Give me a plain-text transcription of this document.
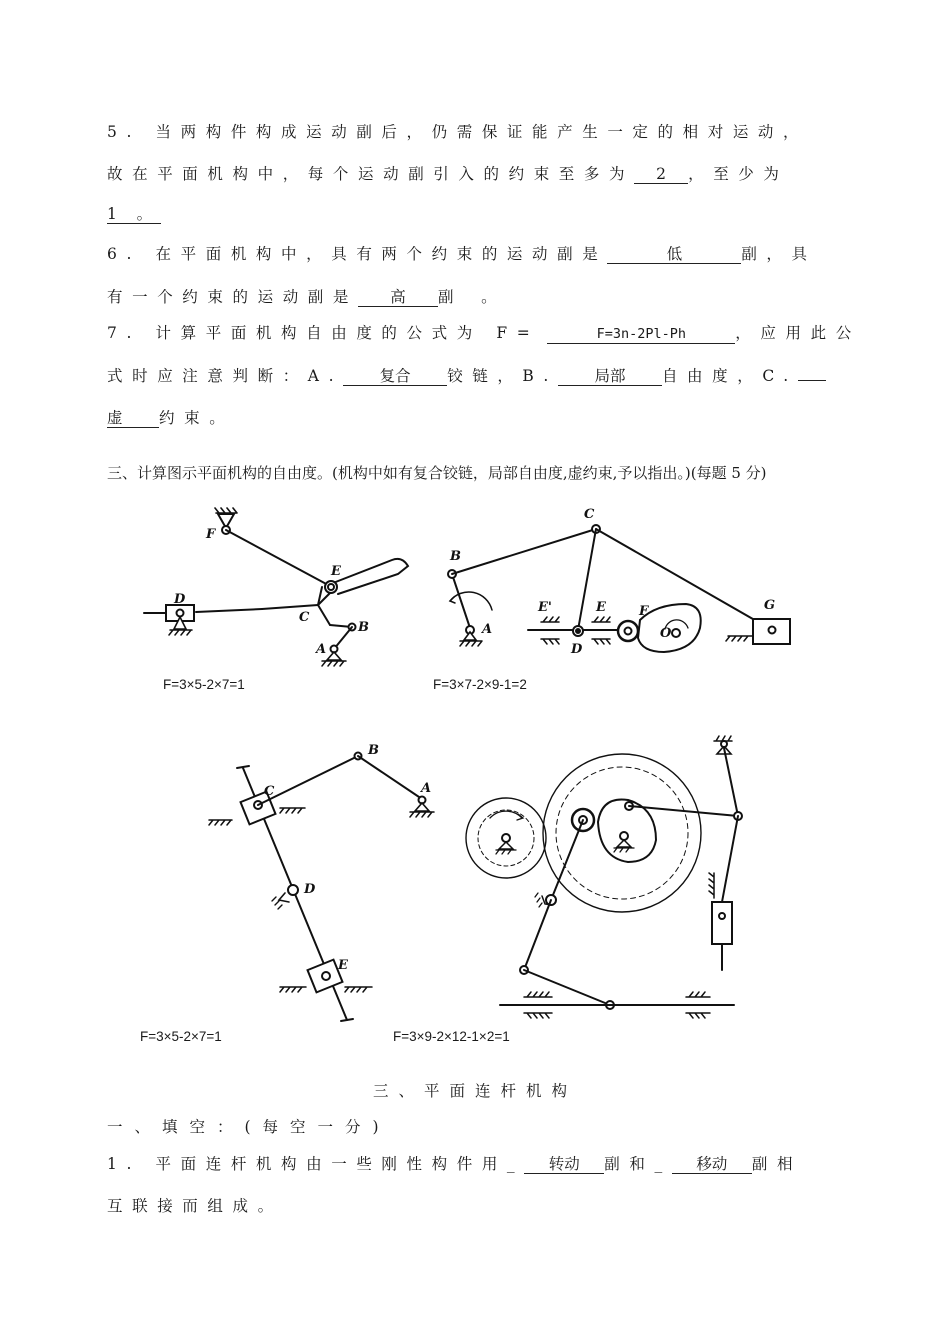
5. 当两构件构成运动副后，仍需保证能产生一定的相对运动，
故在平面机构中，每个运动副引入的约束至多为 2 ，至少为
1 。
6. 在平面机构中，具有两个约束的运动副是	低	副，具
有一个约束的运动副是 高 副 。
7. 计算平面机构自由度的公式为 F=	F=3n-2Pl-Ph	，应用此公
式时应注意判断：A. 复合 铰链，B. 局部 自由度，C.
虚 约束。
三、计算图示平面机构的自由度。(机构中如有复合铰链，局部自由度,虚约束,予以指出。)(每题 5 分)
F
E
D
C
B
A
B
C
E'	E	F
O
A
D
G
B
C	A
D
E
F=3×5-2×7=1	F=3×7-2×9-1=2
F=3×5-2×7=1	F=3×9-2×12-1×2=1
三、平面连杆机构
一、填空：(每空一分)
1. 平面连杆机构由一些刚性构件用_ 转动 副和_ 移动 副相
互联接而组成。
